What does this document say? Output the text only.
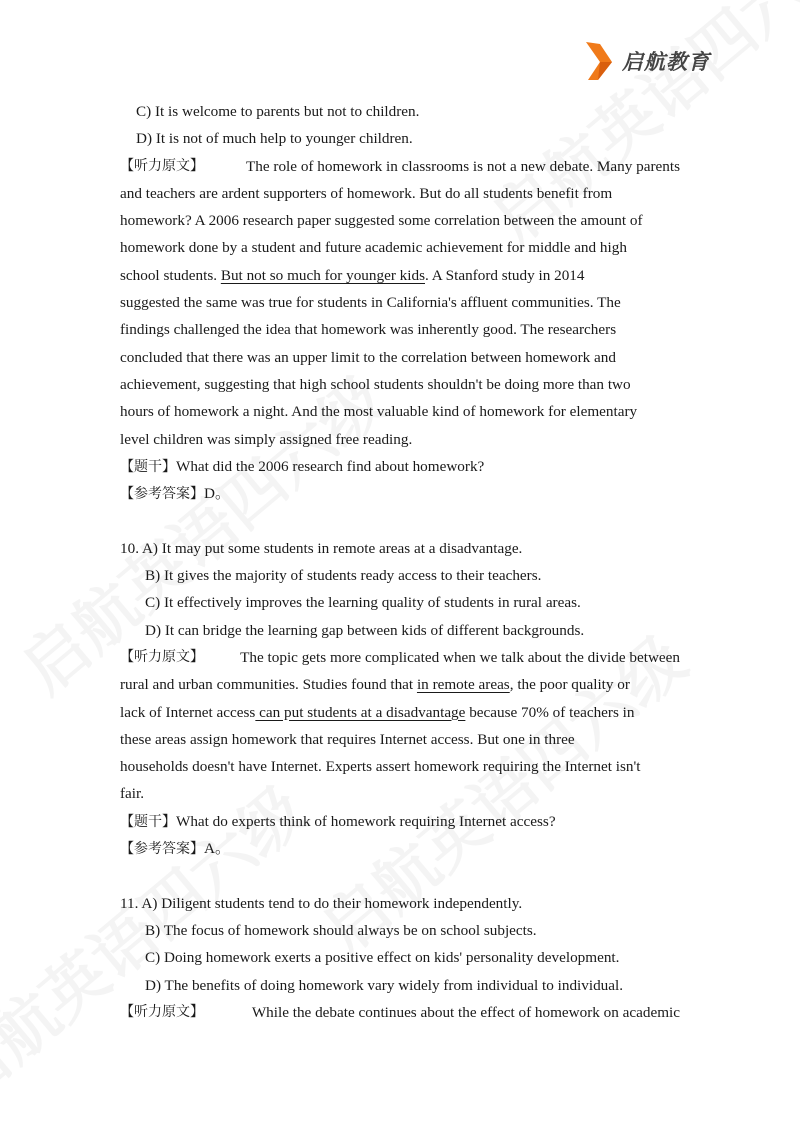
启航教育
C) It is welcome to parents but not to children.
D) It is not of much help to younger children.
【听力原文】	The role of homework in classrooms is not a new debate. Many parents
and teachers are ardent supporters of homework. But do all students benefit from
homework? A 2006 research paper suggested some correlation between the amount of
homework done by a student and future academic achievement for middle and high
school students. But not so much for younger kids. A Stanford study in 2014
suggested the same was true for students in California's affluent communities. The
findings challenged the idea that homework was inherently good. The researchers
concluded that there was an upper limit to the correlation between homework and
achievement, suggesting that high school students shouldn't be doing more than two
hours of homework a night. And the most valuable kind of homework for elementary
level children was simply assigned free reading.
【题干】What did the 2006 research find about homework?
【参考答案】D。
10. A) It may put some students in remote areas at a disadvantage.
B) It gives the majority of students ready access to their teachers.
C) It effectively improves the learning quality of students in rural areas.
D) It can bridge the learning gap between kids of different backgrounds.
【听力原文】 The topic gets more complicated when we talk about the divide between
rural and urban communities. Studies found that in remote areas, the poor quality or
lack of Internet access can put students at a disadvantage because 70% of teachers in
these areas assign homework that requires Internet access. But one in three
households doesn't have Internet. Experts assert homework requiring the Internet isn't
fair.
【题干】What do experts think of homework requiring Internet access?
【参考答案】A。
11. A) Diligent students tend to do their homework independently.
B) The focus of homework should always be on school subjects.
C) Doing homework exerts a positive effect on kids' personality development.
D) The benefits of doing homework vary widely from individual to individual.
【听力原文】	While the debate continues about the effect of homework on academic
